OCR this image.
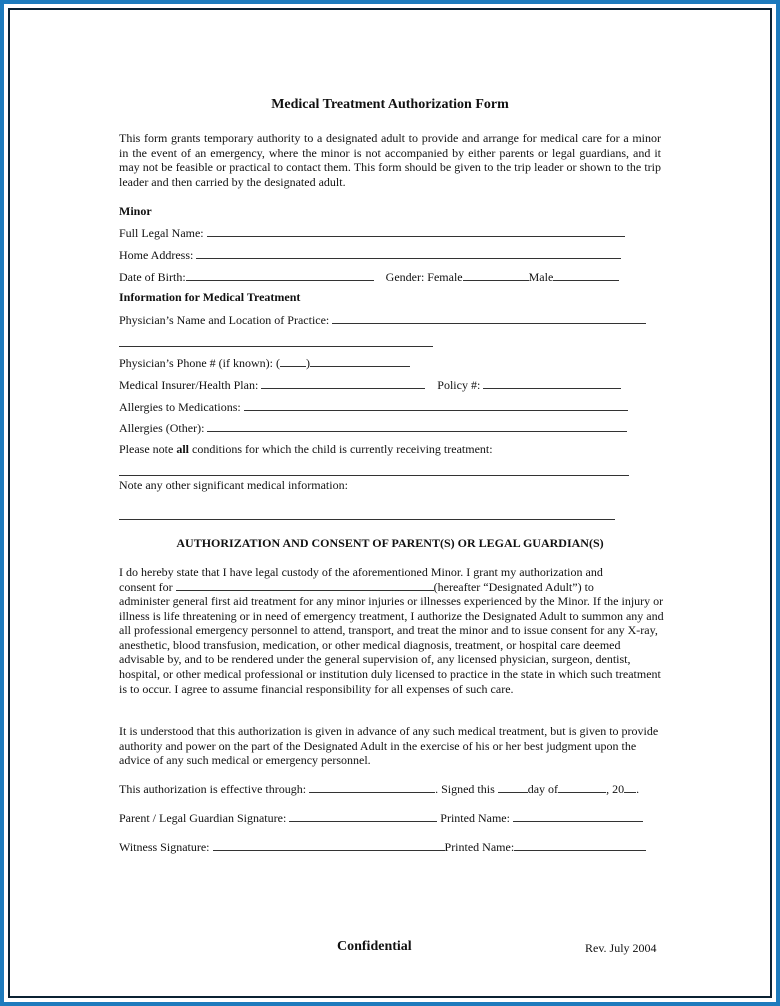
Medical Treatment Authorization Form
This form grants temporary authority to a designated adult to provide and arrange for medical care for a minor in the event of an emergency, where the minor is not accompanied by either parents or legal guardians, and it may not be feasible or practical to contact them. This form should be given to the trip leader or shown to the trip leader and then carried by the designated adult.
Minor
Full Legal Name:
Home Address:
Date of Birth:	Gender: Female	Male
Information for Medical Treatment
Physician’s Name and Location of Practice:
Physician’s Phone # (if known): ( )
Medical Insurer/Health Plan:	Policy #:
Allergies to Medications:
Allergies (Other):
Please note all conditions for which the child is currently receiving treatment:
Note any other significant medical information:
AUTHORIZATION AND CONSENT OF PARENT(S) OR LEGAL GUARDIAN(S)
I do hereby state that I have legal custody of the aforementioned Minor. I grant my authorization and
consent for	(hereafter “Designated Adult”) to
administer general first aid treatment for any minor injuries or illnesses experienced by the Minor. If the injury or illness is life threatening or in need of emergency treatment, I authorize the Designated Adult to summon any and all professional emergency personnel to attend, transport, and treat the minor and to issue consent for any X-ray, anesthetic, blood transfusion, medication, or other medical diagnosis, treatment, or hospital care deemed advisable by, and to be rendered under the general supervision of, any licensed physician, surgeon, dentist, hospital, or other medical professional or institution duly licensed to practice in the state in which such treatment is to occur. I agree to assume financial responsibility for all expenses of such care.
It is understood that this authorization is given in advance of any such medical treatment, but is given to provide authority and power on the part of the Designated Adult in the exercise of his or her best judgment upon the advice of any such medical or emergency personnel.
This authorization is effective through:	. Signed this	day of	, 20 .
Parent / Legal Guardian Signature:	Printed Name:
Witness Signature:	Printed Name:
Confidential	Rev. July 2004
